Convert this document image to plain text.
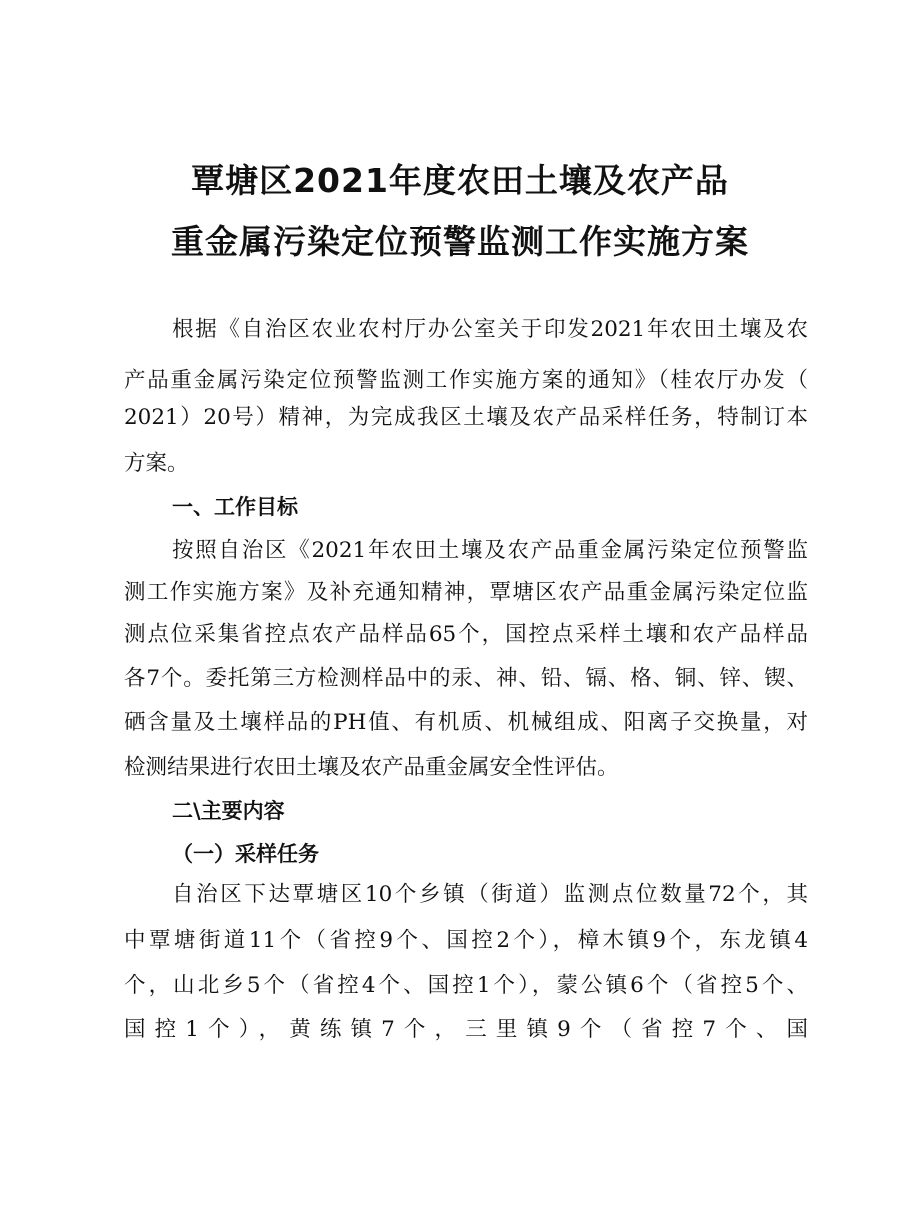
覃塘区2021年度农田土壤及农产品
重金属污染定位预警监测工作实施方案
根据《自治区农业农村厅办公室关于印发2021年农田土壤及农
产品重金属污染定位预警监测工作实施方案的通知》（桂农厅办发（
2021）20号）精神，为完成我区土壤及农产品采样任务，特制订本
方案。
一、工作目标
按照自治区《2021年农田土壤及农产品重金属污染定位预警监
测工作实施方案》及补充通知精神，覃塘区农产品重金属污染定位监
测点位采集省控点农产品样品65个，国控点采样土壤和农产品样品
各7个。委托第三方检测样品中的汞、神、铅、镉、格、铜、锌、锲、
硒含量及土壤样品的PH值、有机质、机械组成、阳离子交换量，对
检测结果进行农田土壤及农产品重金属安全性评估。
二\主要内容
（一）采样任务
自治区下达覃塘区10个乡镇（街道）监测点位数量72个，其
中覃塘街道11个（省控9个、国控2个），樟木镇9个，东龙镇4
个，山北乡5个（省控4个、国控1个），蒙公镇6个（省控5个、
国控1个），黄练镇7个，三里镇9个（省控7个、国
